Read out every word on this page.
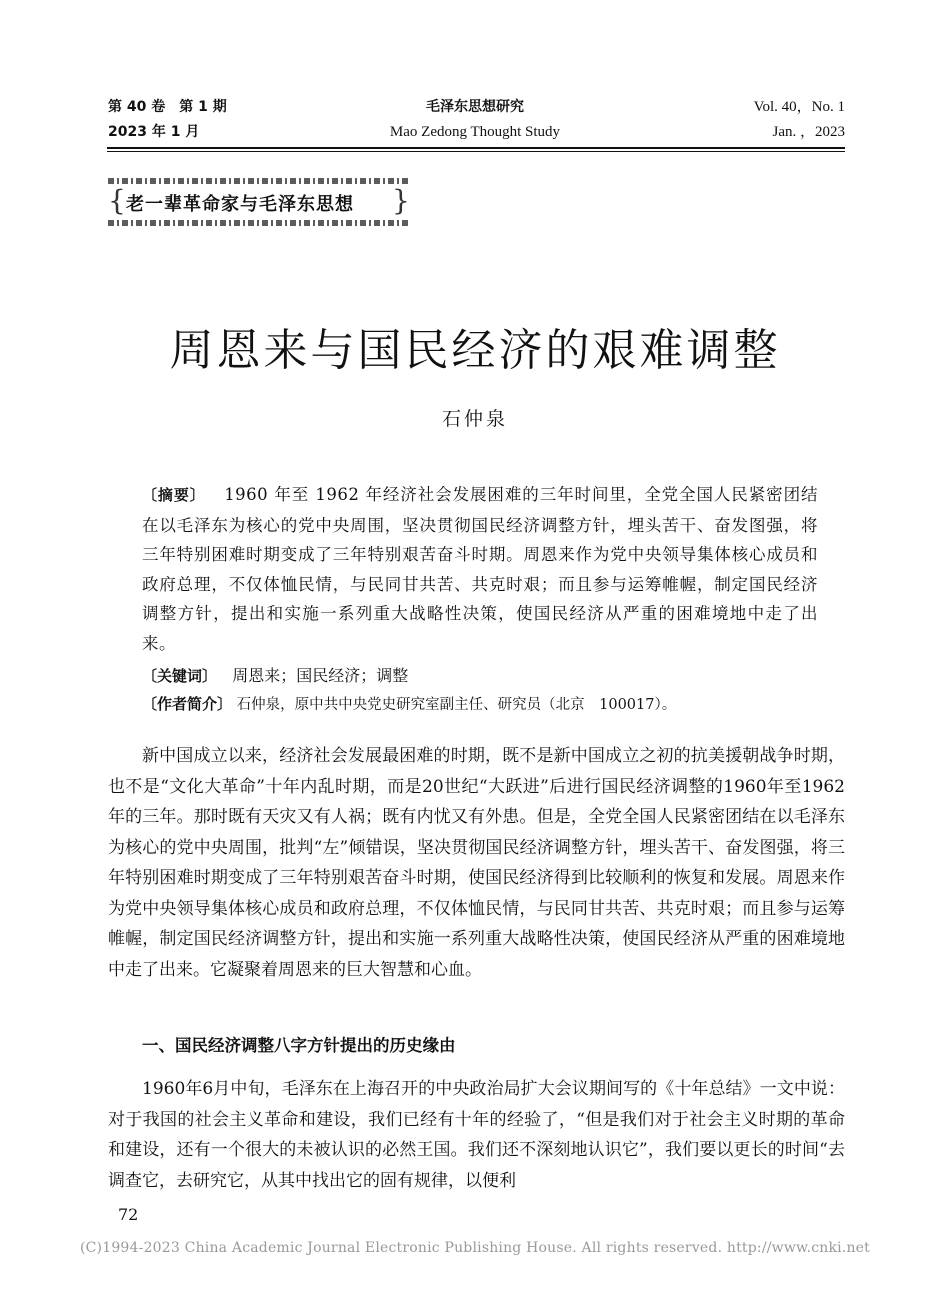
第 40 卷　第 1 期
2023 年 1 月
毛泽东思想研究
Mao Zedong Thought Study
Vol. 40，No. 1
Jan. ，2023
{ 老一辈革命家与毛泽东思想 }
周恩来与国民经济的艰难调整
石仲泉
〔摘要〕 1960 年至 1962 年经济社会发展困难的三年时间里，全党全国人民紧密团结在以毛泽东为核心的党中央周围，坚决贯彻国民经济调整方针，埋头苦干、奋发图强，将三年特别困难时期变成了三年特别艰苦奋斗时期。周恩来作为党中央领导集体核心成员和政府总理，不仅体恤民情，与民同甘共苦、共克时艰；而且参与运筹帷幄，制定国民经济调整方针，提出和实施一系列重大战略性决策，使国民经济从严重的困难境地中走了出来。
〔关键词〕 周恩来；国民经济；调整
〔作者简介〕 石仲泉，原中共中央党史研究室副主任、研究员（北京　100017）。

新中国成立以来，经济社会发展最困难的时期，既不是新中国成立之初的抗美援朝战争时期，也不是“文化大革命”十年内乱时期，而是20世纪“大跃进”后进行国民经济调整的1960年至1962年的三年。那时既有天灾又有人祸；既有内忧又有外患。但是，全党全国人民紧密团结在以毛泽东为核心的党中央周围，批判“左”倾错误，坚决贯彻国民经济调整方针，埋头苦干、奋发图强，将三年特别困难时期变成了三年特别艰苦奋斗时期，使国民经济得到比较顺利的恢复和发展。周恩来作为党中央领导集体核心成员和政府总理，不仅体恤民情，与民同甘共苦、共克时艰；而且参与运筹帷幄，制定国民经济调整方针，提出和实施一系列重大战略性决策，使国民经济从严重的困难境地中走了出来。它凝聚着周恩来的巨大智慧和心血。

一、国民经济调整八字方针提出的历史缘由

1960年6月中旬，毛泽东在上海召开的中央政治局扩大会议期间写的《十年总结》一文中说：对于我国的社会主义革命和建设，我们已经有十年的经验了，“但是我们对于社会主义时期的革命和建设，还有一个很大的未被认识的必然王国。我们还不深刻地认识它”，我们要以更长的时间“去调查它，去研究它，从其中找出它的固有规律，以便利

72
(C)1994-2023 China Academic Journal Electronic Publishing House. All rights reserved. http://www.cnki.net
